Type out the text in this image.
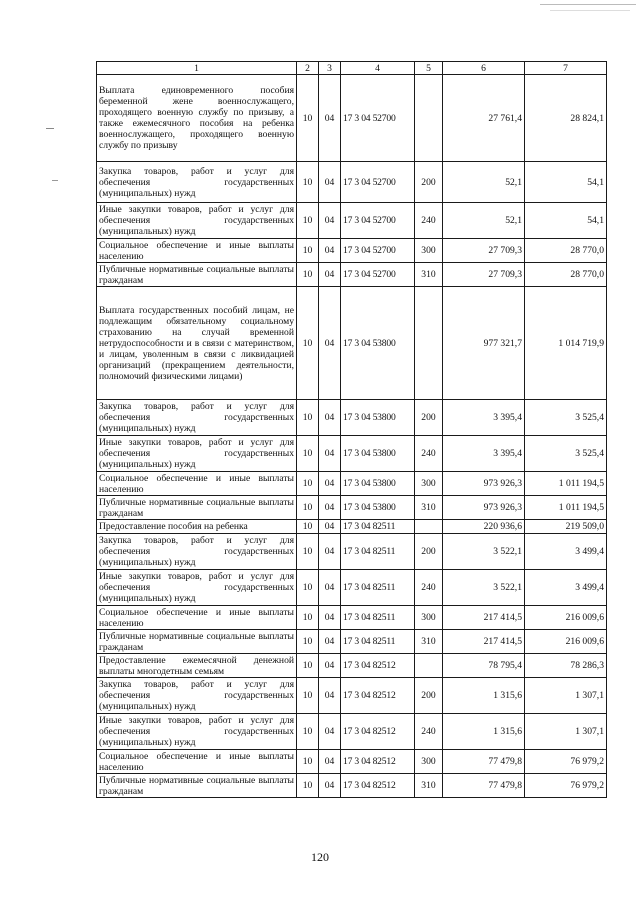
1	2	3	4	5	6	7
Выплата единовременного пособия беременной жене военнослужащего, проходящего военную службу по призыву, а также ежемесячного пособия на ребенка военнослужащего, проходящего военную службу по призыву	10	04	17 3 04 52700		27 761,4	28 824,1
Закупка товаров, работ и услуг для обеспечения государственных (муниципальных) нужд	10	04	17 3 04 52700	200	52,1	54,1
Иные закупки товаров, работ и услуг для обеспечения государственных (муниципальных) нужд	10	04	17 3 04 52700	240	52,1	54,1
Социальное обеспечение и иные выплаты населению	10	04	17 3 04 52700	300	27 709,3	28 770,0
Публичные нормативные социальные выплаты гражданам	10	04	17 3 04 52700	310	27 709,3	28 770,0
Выплата государственных пособий лицам, не подлежащим обязательному социальному страхованию на случай временной нетрудоспособности и в связи с материнством, и лицам, уволенным в связи с ликвидацией организаций (прекращением деятельности, полномочий физическими лицами)	10	04	17 3 04 53800		977 321,7	1 014 719,9
Закупка товаров, работ и услуг для обеспечения государственных (муниципальных) нужд	10	04	17 3 04 53800	200	3 395,4	3 525,4
Иные закупки товаров, работ и услуг для обеспечения государственных (муниципальных) нужд	10	04	17 3 04 53800	240	3 395,4	3 525,4
Социальное обеспечение и иные выплаты населению	10	04	17 3 04 53800	300	973 926,3	1 011 194,5
Публичные нормативные социальные выплаты гражданам	10	04	17 3 04 53800	310	973 926,3	1 011 194,5
Предоставление пособия на ребенка	10	04	17 3 04 82511		220 936,6	219 509,0
Закупка товаров, работ и услуг для обеспечения государственных (муниципальных) нужд	10	04	17 3 04 82511	200	3 522,1	3 499,4
Иные закупки товаров, работ и услуг для обеспечения государственных (муниципальных) нужд	10	04	17 3 04 82511	240	3 522,1	3 499,4
Социальное обеспечение и иные выплаты населению	10	04	17 3 04 82511	300	217 414,5	216 009,6
Публичные нормативные социальные выплаты гражданам	10	04	17 3 04 82511	310	217 414,5	216 009,6
Предоставление ежемесячной денежной выплаты многодетным семьям	10	04	17 3 04 82512		78 795,4	78 286,3
Закупка товаров, работ и услуг для обеспечения государственных (муниципальных) нужд	10	04	17 3 04 82512	200	1 315,6	1 307,1
Иные закупки товаров, работ и услуг для обеспечения государственных (муниципальных) нужд	10	04	17 3 04 82512	240	1 315,6	1 307,1
Социальное обеспечение и иные выплаты населению	10	04	17 3 04 82512	300	77 479,8	76 979,2
Публичные нормативные социальные выплаты гражданам	10	04	17 3 04 82512	310	77 479,8	76 979,2
120
